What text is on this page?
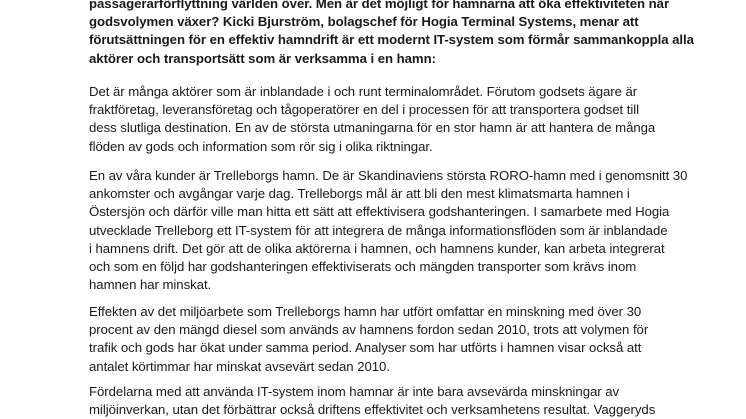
passagerarförflyttning världen över. Men är det möjligt för hamnarna att öka effektiviteten när
godsvolymen växer? Kicki Bjurström, bolagschef för Hogia Terminal Systems, menar att
förutsättningen för en effektiv hamndrift är ett modernt IT-system som förmår sammankoppla alla
aktörer och transportsätt som är verksamma i en hamn:
Det är många aktörer som är inblandade i och runt terminalområdet. Förutom godsets ägare är
fraktföretag, leveransföretag och tågoperatörer en del i processen för att transportera godset till
dess slutliga destination. En av de största utmaningarna för en stor hamn är att hantera de många
flöden av gods och information som rör sig i olika riktningar.
En av våra kunder är Trelleborgs hamn. De är Skandinaviens största RORO-hamn med i genomsnitt 30
ankomster och avgångar varje dag. Trelleborgs mål är att bli den mest klimatsmarta hamnen i
Östersjön och därför ville man hitta ett sätt att effektivisera godshanteringen. I samarbete med Hogia
utvecklade Trelleborg ett IT-system för att integrera de många informationsflöden som är inblandade
i hamnens drift. Det gör att de olika aktörerna i hamnen, och hamnens kunder, kan arbeta integrerat
och som en följd har godshanteringen effektiviserats och mängden transporter som krävs inom
hamnen har minskat.
Effekten av det miljöarbete som Trelleborgs hamn har utfört omfattar en minskning med över 30
procent av den mängd diesel som används av hamnens fordon sedan 2010, trots att volymen för
trafik och gods har ökat under samma period. Analyser som har utförts i hamnen visar också att
antalet körtimmar har minskat avsevärt sedan 2010.
Fördelarna med att använda IT-system inom hamnar är inte bara avsevärda minskningar av
miljöinverkan, utan det förbättrar också driftens effektivitet och verksamhetens resultat. Vaggeryds
